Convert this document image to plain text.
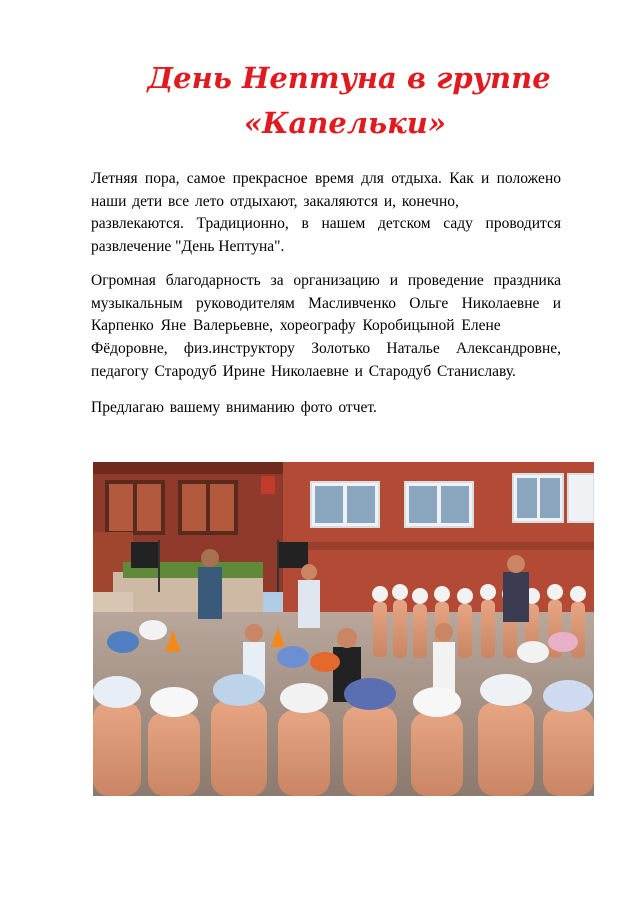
День Нептуна в группе
«Капельки»
Летняя пора, самое прекрасное время для отдыха. Как и положено
наши дети все лето отдыхают, закаляются и, конечно,
развлекаются. Традиционно, в нашем детском саду проводится
развлечение "День Нептуна".
Огромная благодарность за организацию и проведение праздника
музыкальным руководителям Масливченко Ольге Николаевне и
Карпенко Яне Валерьевне, хореографу Коробицыной Елене
Фёдоровне, физ.инструктору Золотько Наталье Александровне,
педагогу Стародуб Ирине Николаевне и Стародуб Станиславу.
Предлагаю вашему вниманию фото отчет.
